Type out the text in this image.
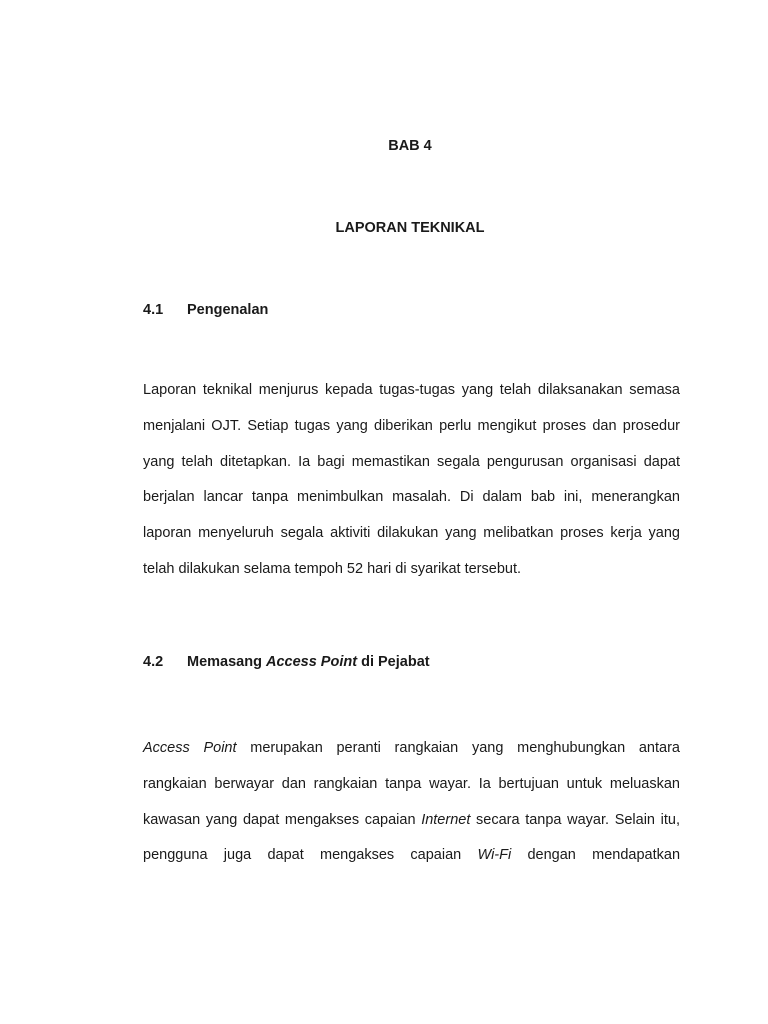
BAB 4

LAPORAN TEKNIKAL

4.1 Pengenalan

Laporan teknikal menjurus kepada tugas-tugas yang telah dilaksanakan semasa
menjalani OJT. Setiap tugas yang diberikan perlu mengikut proses dan prosedur
yang telah ditetapkan. Ia bagi memastikan segala pengurusan organisasi dapat
berjalan lancar tanpa menimbulkan masalah. Di dalam bab ini, menerangkan
laporan menyeluruh segala aktiviti dilakukan yang melibatkan proses kerja yang
telah dilakukan selama tempoh 52 hari di syarikat tersebut.

4.2 Memasang Access Point di Pejabat

Access Point merupakan peranti rangkaian yang menghubungkan antara
rangkaian berwayar dan rangkaian tanpa wayar. Ia bertujuan untuk meluaskan
kawasan yang dapat mengakses capaian Internet secara tanpa wayar. Selain itu,
pengguna juga dapat mengakses capaian Wi-Fi dengan mendapatkan
